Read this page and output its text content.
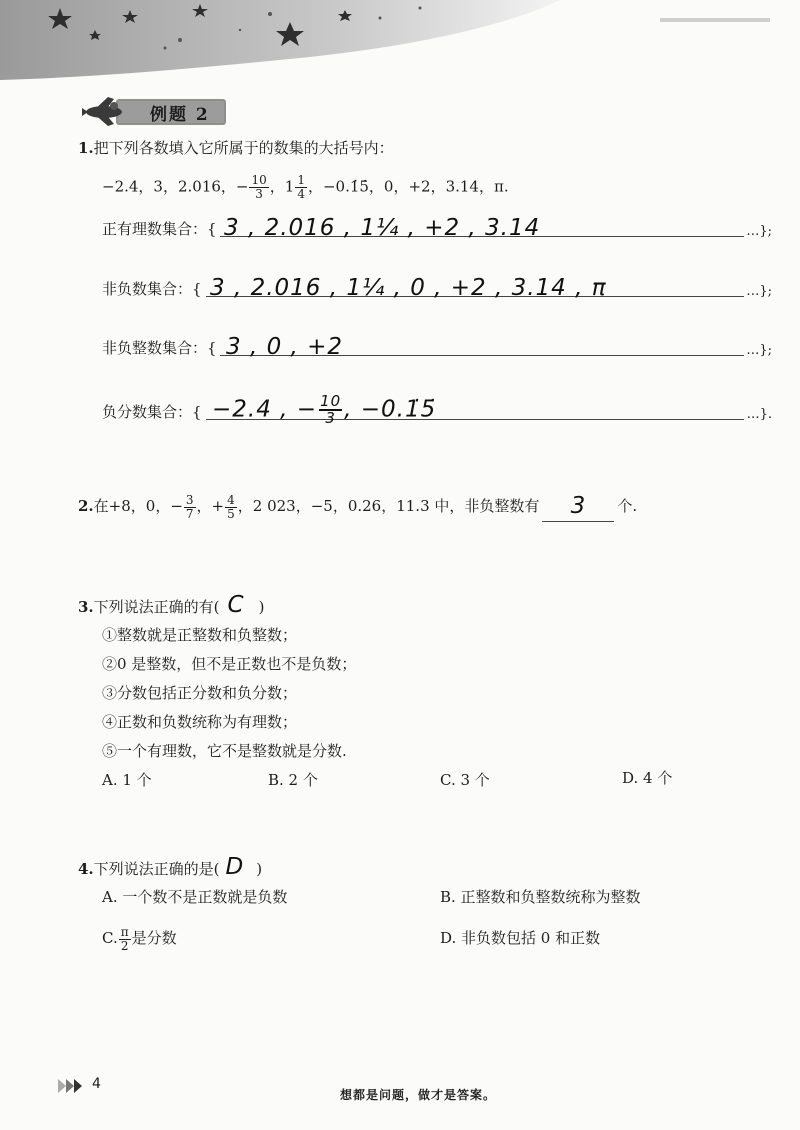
例题 2
1.把下列各数填入它所属于的数集的大括号内：
−2.4，3，2.016，− $\frac{10}{3}$ ，$1 \frac{1}{4}$ ，−0.1̇5̇，0，+2，3.14，π.
正有理数集合：{ 3 , 2.016 , 1¼ , +2 , 3.14	…};
非负数集合：{ 3 , 2.016 , 1¼ , 0 , +2 , 3.14 , π	…};
非负整数集合：{ 3 , 0 , +2	…};
负分数集合：{ −2.4 , − $\frac{10}{3}$ , −0.1̇5̇	…}.
2.在+8，0，− $\frac{3}{7}$ ，+ $\frac{4}{5}$ ，2 023，−5，0.26，11.3 中，非负整数有 3 个.
3.下列说法正确的有( C )
①整数就是正整数和负整数；
②0 是整数，但不是正数也不是负数；
③分数包括正分数和负分数；
④正数和负数统称为有理数；
⑤一个有理数，它不是整数就是分数.
A. 1 个	B. 2 个	C. 3 个	D. 4 个
4.下列说法正确的是( D )
A. 一个数不是正数就是负数	B. 正整数和负整数统称为整数
C. $\frac{\pi}{2}$ 是分数	D. 非负数包括 0 和正数
4
想都是问题，做才是答案。
